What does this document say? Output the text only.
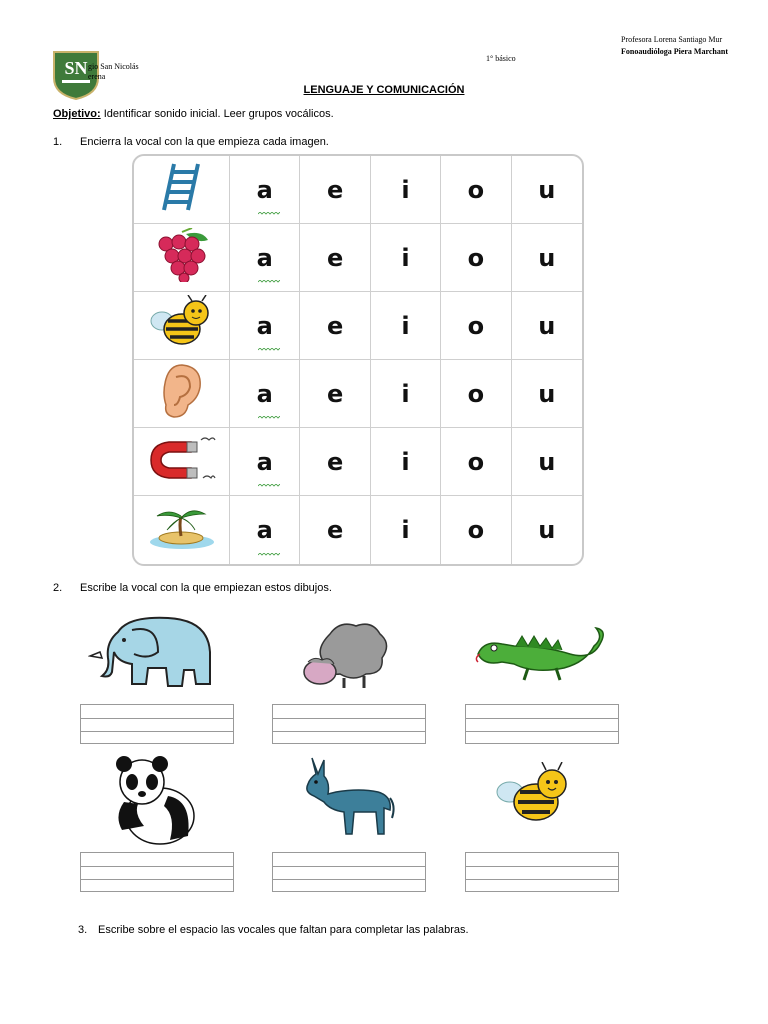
Profesora Lorena Santiago Mur
Fonoaudióloga Piera Marchant
1° básico
SN gio San Nicolás
erena
LENGUAJE Y COMUNICACIÓN
Objetivo: Identificar sonido inicial. Leer grupos vocálicos.
1. Encierra la vocal con la que empieza cada imagen.
a e i o u
a e i o u
a e i o u
a e i o u
a e i o u
a e i o u
2. Escribe la vocal con la que empiezan estos dibujos.
3. Escribe sobre el espacio las vocales que faltan para completar las palabras.
